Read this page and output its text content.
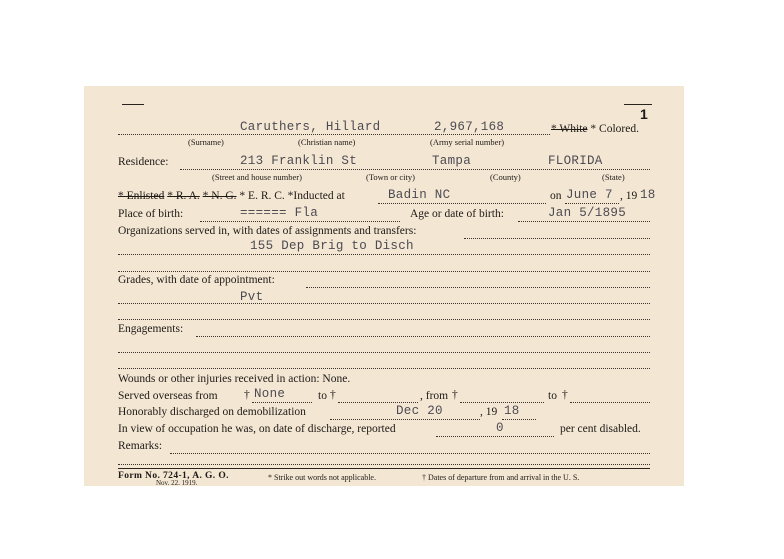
1
Caruthers, Hillard	2,967,168	* White * Colored.
(Surname)	(Christian name)	(Army serial number)
Residence:	213 Franklin St	Tampa	FLORIDA
(Street and house number)	(Town or city)	(County)	(State)
* Enlisted * R. A. * N. G. * E. R. C. *Inducted at	Badin NC	on June 7 , 19 18
Place of birth:	====== Fla	Age or date of birth:	Jan 5/1895
Organizations served in, with dates of assignments and transfers:
155 Dep Brig to Disch
Grades, with date of appointment:
Pvt
Engagements:
Wounds or other injuries received in action: None.
Served overseas from † None	to †	, from †	to †
Honorably discharged on demobilization	Dec 20	, 19 18
In view of occupation he was, on date of discharge, reported	0	per cent disabled.
Remarks:
Form No. 724-1, A. G. O.
Nov. 22, 1919.
* Strike out words not applicable.	† Dates of departure from and arrival in the U. S.
